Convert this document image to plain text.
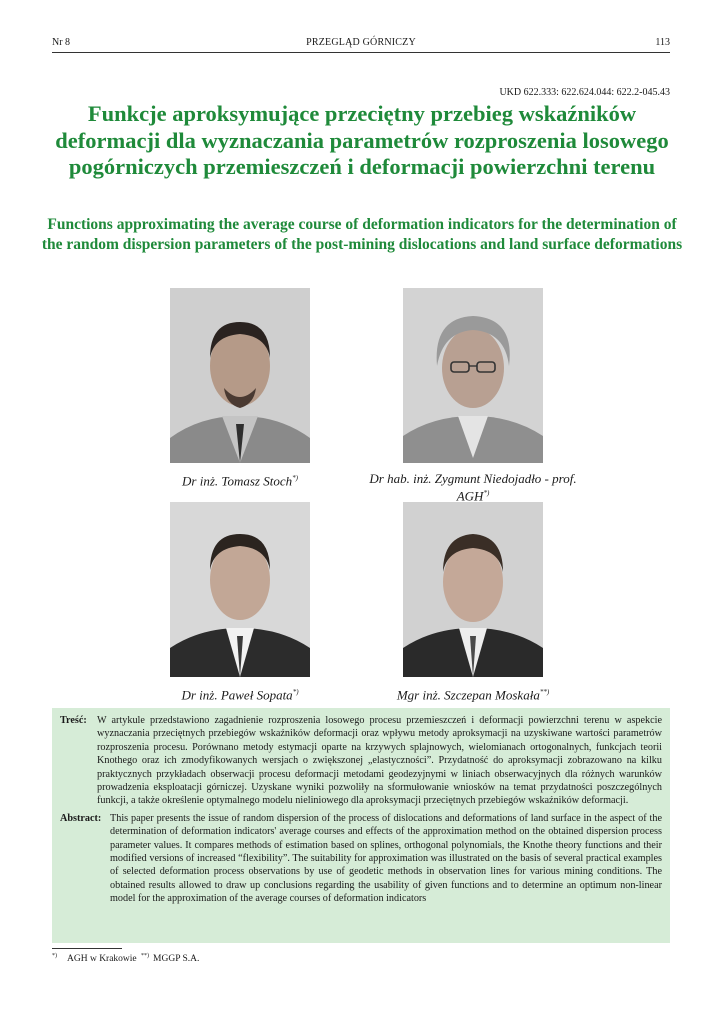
Nr 8	PRZEGLĄD GÓRNICZY	113
UKD 622.333: 622.624.044: 622.2-045.43
Funkcje aproksymujące przeciętny przebieg wskaźników deformacji dla wyznaczania parametrów rozproszenia losowego pogórniczych przemieszczeń i deformacji powierzchni terenu
Functions approximating the average course of deformation indicators for the determination of the random dispersion parameters of the post-mining dislocations and land surface deformations
Dr inż. Tomasz Stoch*)	Dr hab. inż. Zygmunt Niedojadło - prof. AGH*)
Dr inż. Paweł Sopata*)	Mgr inż. Szczepan Moskała**)
Treść: W artykule przedstawiono zagadnienie rozproszenia losowego procesu przemieszczeń i deformacji powierzchni terenu w aspekcie wyznaczania przeciętnych przebiegów wskaźników deformacji oraz wpływu metody aproksymacji na uzyskiwane wartości parametrów rozproszenia procesu. Porównano metody estymacji oparte na krzywych splajnowych, wielomianach ortogonalnych, funkcjach teorii Knothego oraz ich zmodyfikowanych wersjach o zwiększonej „elastyczności”. Przydatność do aproksymacji zobrazowano na kilku praktycznych przykładach obserwacji procesu deformacji metodami geodezyjnymi w liniach obserwacyjnych dla różnych warunków prowadzenia eksploatacji górniczej. Uzyskane wyniki pozwoliły na sformułowanie wniosków na temat przydatności poszczególnych funkcji, a także określenie optymalnego modelu nieliniowego dla aproksymacji przeciętnych przebiegów wskaźników deformacji.
Abstract: This paper presents the issue of random dispersion of the process of dislocations and deformations of land surface in the aspect of the determination of deformation indicators' average courses and effects of the approximation method on the obtained dispersion process parameter values. It compares methods of estimation based on splines, orthogonal polynomials, the Knothe theory functions and their modified versions of increased “flexibility”. The suitability for approximation was illustrated on the basis of several practical examples of selected deformation process observations by use of geodetic methods in observation lines for various mining conditions. The obtained results allowed to draw up conclusions regarding the usability of given functions and to determine an optimum non-linear model for the approximation of the average courses of deformation indicators
*) AGH w Krakowie **) MGGP S.A.
